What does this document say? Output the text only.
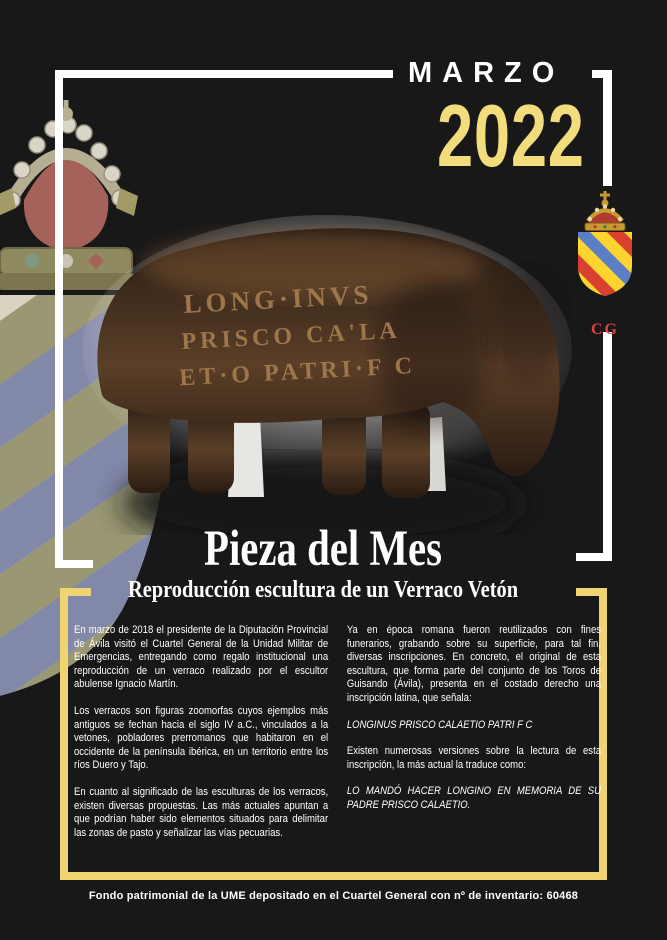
LONG·INVS
PRISCO CA'LA
ET·O PATRI·F C
MARZO
2022
CG
Pieza del Mes
Reproducción escultura de un Verraco Vetón

En marzo de 2018 el presidente de la Diputación Provincial de Ávila visitó el Cuartel General de la Unidad Militar de Emergencias, entregando como regalo institucional una reproducción de un verraco realizado por el escultor abulense Ignacio Martín.

Los verracos son figuras zoomorfas cuyos ejemplos más antiguos se fechan hacia el siglo IV a.C., vinculados a la vetones, pobladores prerromanos que habitaron en el occidente de la península ibérica, en un territorio entre los ríos Duero y Tajo.

En cuanto al significado de las esculturas de los verracos, existen diversas propuestas. Las más actuales apuntan a que podrían haber sido elementos situados para delimitar las zonas de pasto y señalizar las vías pecuarias.

Ya en época romana fueron reutilizados con fines funerarios, grabando sobre su superficie, para tal fin, diversas inscripciones. En concreto, el original de esta escultura, que forma parte del conjunto de los Toros de Guisando (Ávila), presenta en el costado derecho una inscripción latina, que señala:

LONGINUS PRISCO CALAETIO PATRI F C

Existen numerosas versiones sobre la lectura de esta inscripción, la más actual la traduce como:

LO MANDÓ HACER LONGINO EN MEMORIA DE SU PADRE PRISCO CALAETIO.

Fondo patrimonial de la UME depositado en el Cuartel General con nº de inventario: 60468
